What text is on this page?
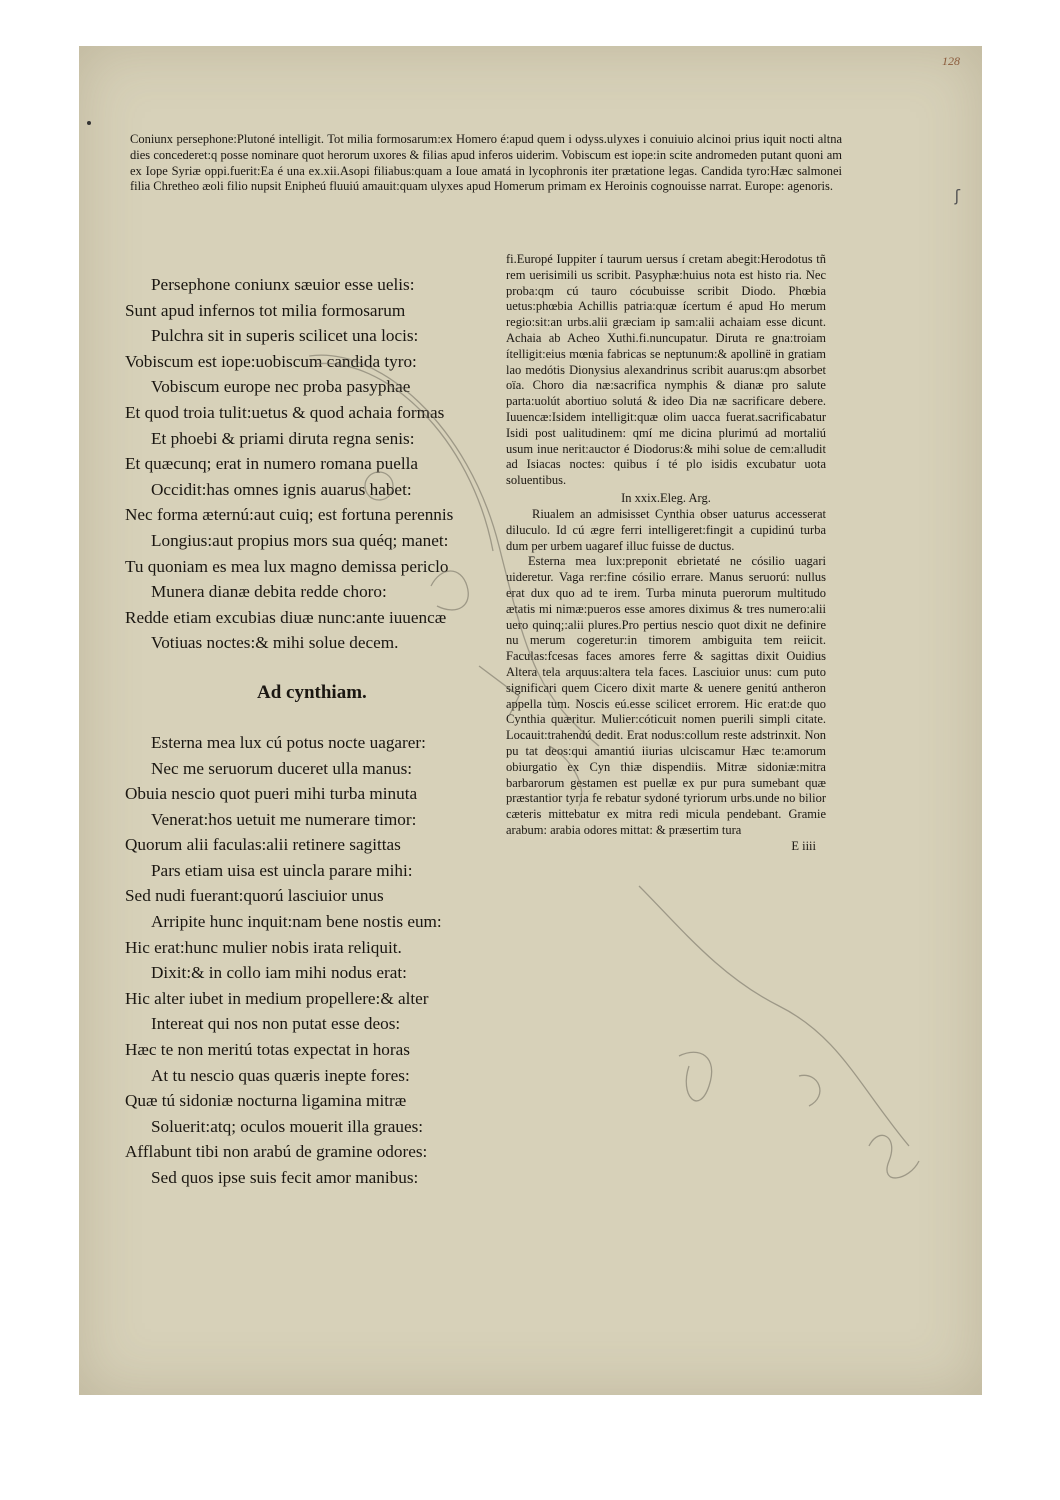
128
ʃ

Coniunx persephone:Plutoné intelligit. Tot milia formosarum:ex Homero é:apud quem i odyss.ulyxes i conuiuio alcinoi prius iquit nocti altna dies concederet:q posse nominare quot herorum uxores & filias apud inferos uiderim. Vobiscum est iope:in scite andromeden putant quoni am ex Iope Syriæ oppi.fuerit:Ea é una ex.xii.Asopi filiabus:quam a Ioue amatá in lycophronis iter prætatione legas. Candida tyro:Hæc salmonei filia Chretheo æoli filio nupsit Enipheú fluuiú amauit:quam ulyxes apud Homerum primam ex Heroinis cognouisse narrat. Europe: agenoris.

Persephone coniunx sæuior esse uelis:
Sunt apud infernos tot milia formosarum
Pulchra sit in superis scilicet una locis:
Vobiscum est iope:uobiscum candida tyro:
Vobiscum europe nec proba pasyphae
Et quod troia tulit:uetus & quod achaia formas
Et phoebi & priami diruta regna senis:
Et quæcunq; erat in numero romana puella
Occidit:has omnes ignis auarus habet:
Nec forma æternú:aut cuiq; est fortuna perennis
Longius:aut propius mors sua quéq; manet:
Tu quoniam es mea lux magno demissa periclo
Munera dianæ debita redde choro:
Redde etiam excubias diuæ nunc:ante iuuencæ
Votiuas noctes:& mihi solue decem.
Ad cynthiam.
Esterna mea lux cú potus nocte uagarer:
Nec me seruorum duceret ulla manus:
Obuia nescio quot pueri mihi turba minuta
Venerat:hos uetuit me numerare timor:
Quorum alii faculas:alii retinere sagittas
Pars etiam uisa est uincla parare mihi:
Sed nudi fuerant:quorú lasciuior unus
Arripite hunc inquit:nam bene nostis eum:
Hic erat:hunc mulier nobis irata reliquit.
Dixit:& in collo iam mihi nodus erat:
Hic alter iubet in medium propellere:& alter
Intereat qui nos non putat esse deos:
Hæc te non meritú totas expectat in horas
At tu nescio quas quæris inepte fores:
Quæ tú sidoniæ nocturna ligamina mitræ
Soluerit:atq; oculos mouerit illa graues:
Afflabunt tibi non arabú de gramine odores:
Sed quos ipse suis fecit amor manibus:

fi.Europé Iuppiter í taurum uersus í cretam abegit:Herodotus tñ rem uerisimili us scribit. Pasyphæ:huius nota est histo ria. Nec proba:qm cú tauro cócubuisse scribit Diodo. Phœbia uetus:phœbia Achillis patria:quæ ícertum é apud Ho merum regio:sit:an urbs.alii græciam ip sam:alii achaiam esse dicunt. Achaia ab Acheo Xuthi.fi.nuncupatur. Diruta re gna:troiam ítelligit:eius mœnia fabricas se neptunum:& apollinë in gratiam lao medótis Dionysius alexandrinus scribit auarus:qm absorbet oïa. Choro dia næ:sacrifica nymphis & dianæ pro salute parta:uolút abortiuo solutá & ideo Dia næ sacrificare debere. Iuuencæ:Isidem intelligit:quæ olim uacca fuerat.sacrificabatur Isidi post ualitudinem: qmí me dicina plurimú ad mortaliú usum inue nerit:auctor é Diodorus:& mihi solue de cem:alludit ad Isiacas noctes: quibus í té plo isidis excubatur uota soluentibus.

In xxix.Eleg. Arg.

Riualem an admisisset Cynthia obser uaturus accesserat diluculo. Id cú ægre ferri intelligeret:fingit a cupidinú turba dum per urbem uagaref illuc fuisse de ductus.

Esterna mea lux:preponit ebrietaté ne cósilio uagari uideretur. Vaga rer:fine cósilio errare. Manus seruorú: nullus erat dux quo ad te irem. Turba minuta puerorum multitudo ætatis mi nimæ:pueros esse amores diximus & tres numero:alii uero quinq;:alii plures.Pro pertius nescio quot dixit ne definire nu merum cogeretur:in timorem ambiguita tem reiicit. Faculas:fcesas faces amores ferre & sagittas dixit Ouidius Altera tela arquus:altera tela faces. Lasciuior unus: cum puto significari quem Cicero dixit marte & uenere genitú antheron appella tum. Noscis eú.esse scilicet errorem. Hic erat:de quo Cynthia quæritur. Mulier:cóticuit nomen puerili simpli citate. Locauit:trahendú dedit. Erat nodus:collum reste adstrinxit. Non pu tat deos:qui amantiú iiurias ulciscamur Hæc te:amorum obiurgatio ex Cyn thiæ dispendiis. Mitræ sidoniæ:mitra barbarorum gestamen est puellæ ex pur pura sumebant quæ præstantior tyria fe rebatur sydoné tyriorum urbs.unde no bilior cæteris mittebatur ex mitra redi micula pendebant. Gramie arabum: arabia odores mittat: & præsertim tura

E iiii
